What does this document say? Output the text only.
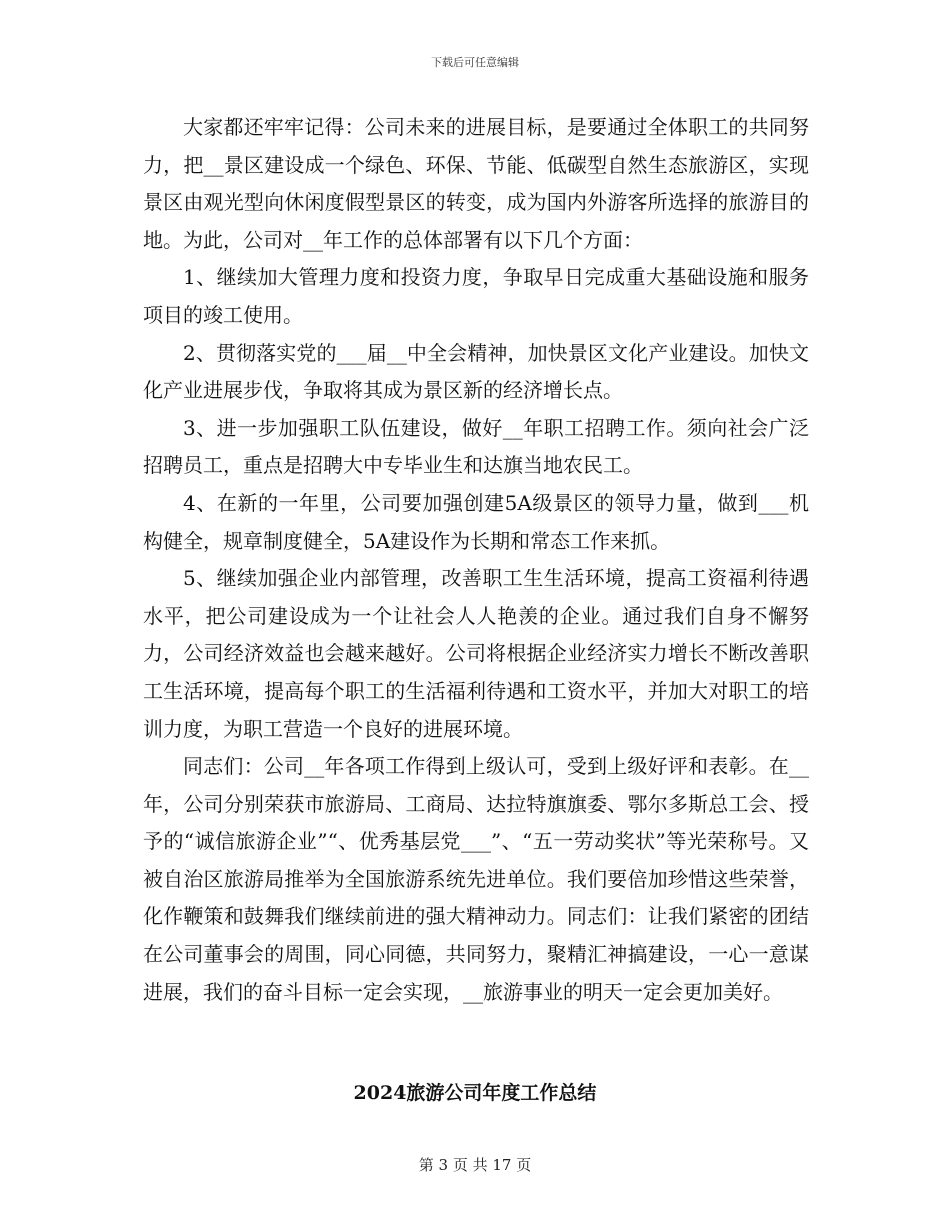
下载后可任意编辑

大家都还牢牢记得：公司未来的进展目标，是要通过全体职工的共同努力，把__景区建设成一个绿色、环保、节能、低碳型自然生态旅游区，实现景区由观光型向休闲度假型景区的转变，成为国内外游客所选择的旅游目的地。为此，公司对__年工作的总体部署有以下几个方面：

1、继续加大管理力度和投资力度，争取早日完成重大基础设施和服务项目的竣工使用。

2、贯彻落实党的___届__中全会精神，加快景区文化产业建设。加快文化产业进展步伐，争取将其成为景区新的经济增长点。

3、进一步加强职工队伍建设，做好__年职工招聘工作。须向社会广泛招聘员工，重点是招聘大中专毕业生和达旗当地农民工。

4、在新的一年里，公司要加强创建5A级景区的领导力量，做到___机构健全，规章制度健全，5A建设作为长期和常态工作来抓。

5、继续加强企业内部管理，改善职工生生活环境，提高工资福利待遇水平，把公司建设成为一个让社会人人艳羡的企业。通过我们自身不懈努力，公司经济效益也会越来越好。公司将根据企业经济实力增长不断改善职工生活环境，提高每个职工的生活福利待遇和工资水平，并加大对职工的培训力度，为职工营造一个良好的进展环境。

同志们：公司__年各项工作得到上级认可，受到上级好评和表彰。在__年，公司分别荣获市旅游局、工商局、达拉特旗旗委、鄂尔多斯总工会、授予的“诚信旅游企业”“、优秀基层党___”、“五一劳动奖状”等光荣称号。又被自治区旅游局推举为全国旅游系统先进单位。我们要倍加珍惜这些荣誉，化作鞭策和鼓舞我们继续前进的强大精神动力。同志们：让我们紧密的团结在公司董事会的周围，同心同德，共同努力，聚精汇神搞建设，一心一意谋进展，我们的奋斗目标一定会实现，__旅游事业的明天一定会更加美好。

2024旅游公司年度工作总结
第 3 页 共 17 页
